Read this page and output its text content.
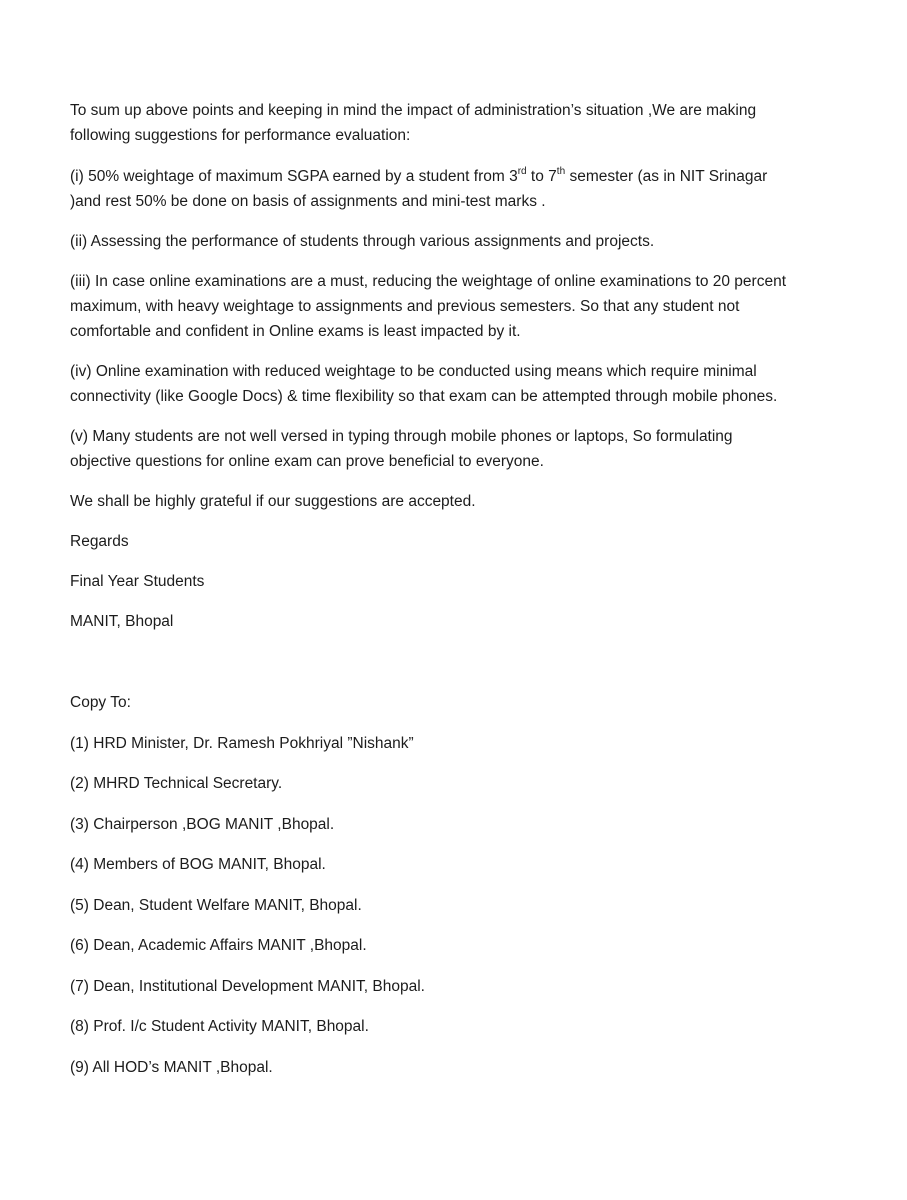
To sum up above points and keeping in mind the impact of administration’s situation ,We are making following suggestions for performance evaluation:

(i) 50% weightage of maximum SGPA earned by a student from 3rd to 7th semester (as in NIT Srinagar )and rest 50% be done on basis of assignments and mini-test marks .

(ii) Assessing the performance of students through various assignments and projects.

(iii) In case online examinations are a must, reducing the weightage of online examinations to 20 percent maximum, with heavy weightage to assignments and previous semesters. So that any student not comfortable and confident in Online exams is least impacted by it.

(iv) Online examination with reduced weightage to be conducted using means which require minimal connectivity (like Google Docs) & time flexibility so that exam can be attempted through mobile phones.

(v) Many students are not well versed in typing through mobile phones or laptops, So formulating objective questions for online exam can prove beneficial to everyone.

We shall be highly grateful if our suggestions are accepted.

Regards

Final Year Students

MANIT, Bhopal

Copy To:

(1) HRD Minister, Dr. Ramesh Pokhriyal ”Nishank”

(2) MHRD Technical Secretary.

(3) Chairperson ,BOG MANIT ,Bhopal.

(4) Members of BOG MANIT, Bhopal.

(5) Dean, Student Welfare MANIT, Bhopal.

(6) Dean, Academic Affairs MANIT ,Bhopal.

(7) Dean, Institutional Development MANIT, Bhopal.

(8) Prof. I/c Student Activity MANIT, Bhopal.

(9) All HOD’s MANIT ,Bhopal.
